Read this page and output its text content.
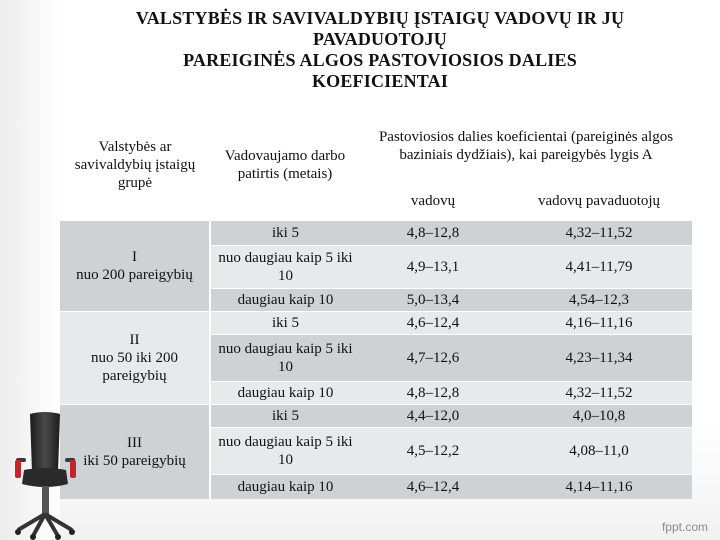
VALSTYBĖS IR SAVIVALDYBIŲ ĮSTAIGŲ VADOVŲ IR JŲ
PAVADUOTOJŲ
PAREIGINĖS ALGOS PASTOVIOSIOS DALIES
KOEFICIENTAI
Valstybės ar savivaldybių įstaigų grupė	Vadovaujamo darbo patirtis (metais)	Pastoviosios dalies koeficientai (pareiginės algos baziniais dydžiais), kai pareigybės lygis A	
		vadovų	vadovų pavaduotojų

I
nuo 200 pareigybių	iki 5	4,8–12,8	4,32–11,52
	nuo daugiau kaip 5 iki 10	4,9–13,1	4,41–11,79
	daugiau kaip 10	5,0–13,4	4,54–12,3

II
nuo 50 iki 200 pareigybių	iki 5	4,6–12,4	4,16–11,16
	nuo daugiau kaip 5 iki 10	4,7–12,6	4,23–11,34
	daugiau kaip 10	4,8–12,8	4,32–11,52

III
iki 50 pareigybių	iki 5	4,4–12,0	4,0–10,8
	nuo daugiau kaip 5 iki 10	4,5–12,2	4,08–11,0
	daugiau kaip 10	4,6–12,4	4,14–11,16
fppt.com
